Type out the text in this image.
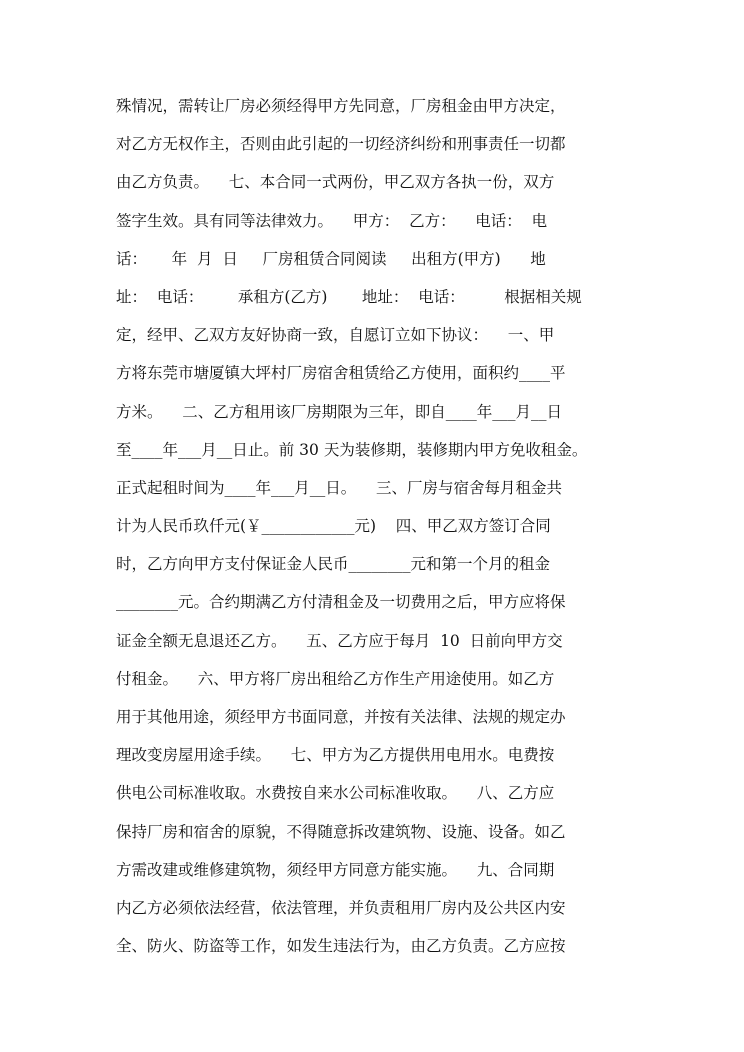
殊情况，需转让厂房必须经得甲方先同意，厂房租金由甲方决定，
对乙方无权作主，否则由此引起的一切经济纠纷和刑事责任一切都
由乙方负责。    七、本合同一式两份，甲乙双方各执一份，双方
签字生效。具有同等法律效力。    甲方：  乙方：    电话：  电
话：     年  月  日     厂房租赁合同阅读     出租方(甲方)      地
址：  电话：       承租方(乙方)       地址：  电话：        根据相关规
定，经甲、乙双方友好协商一致，自愿订立如下协议：    一、甲
方将东莞市塘厦镇大坪村厂房宿舍租赁给乙方使用，面积约____平
方米。    二、乙方租用该厂房期限为三年，即自____年___月__日
至____年___月__日止。前 30 天为装修期，装修期内甲方免收租金。
正式起租时间为____年___月__日。    三、厂房与宿舍每月租金共
计为人民币玖仟元(￥____________元)    四、甲乙双方签订合同
时，乙方向甲方支付保证金人民币________元和第一个月的租金
________元。合约期满乙方付清租金及一切费用之后，甲方应将保
证金全额无息退还乙方。    五、乙方应于每月  10  日前向甲方交
付租金。    六、甲方将厂房出租给乙方作生产用途使用。如乙方
用于其他用途，须经甲方书面同意，并按有关法律、法规的规定办
理改变房屋用途手续。    七、甲方为乙方提供用电用水。电费按
供电公司标准收取。水费按自来水公司标准收取。    八、乙方应
保持厂房和宿舍的原貌，不得随意拆改建筑物、设施、设备。如乙
方需改建或维修建筑物，须经甲方同意方能实施。    九、合同期
内乙方必须依法经营，依法管理，并负责租用厂房内及公共区内安
全、防火、防盗等工作，如发生违法行为，由乙方负责。乙方应按
